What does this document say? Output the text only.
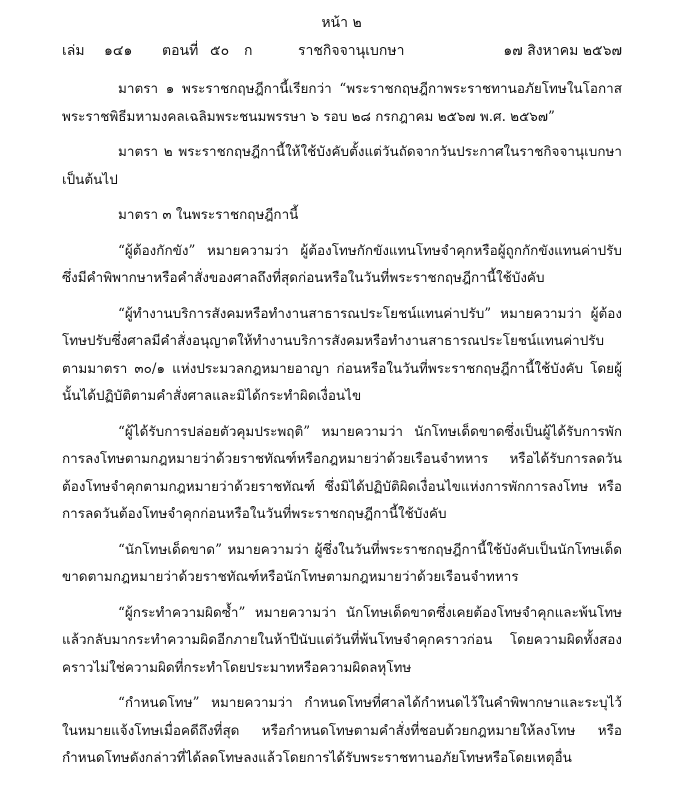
หน้า ๒
เล่ม ๑๔๑ ตอนที่ ๕๐ ก	ราชกิจจานุเบกษา	๑๗ สิงหาคม ๒๕๖๗
มาตรา ๑ พระราชกฤษฎีกานี้เรียกว่า “พระราชกฤษฎีกาพระราชทานอภัยโทษในโอกาสพระราชพิธีมหามงคลเฉลิมพระชนมพรรษา ๖ รอบ ๒๘ กรกฎาคม ๒๕๖๗ พ.ศ. ๒๕๖๗”
มาตรา ๒ พระราชกฤษฎีกานี้ให้ใช้บังคับตั้งแต่วันถัดจากวันประกาศในราชกิจจานุเบกษาเป็นต้นไป
มาตรา ๓ ในพระราชกฤษฎีกานี้
“ผู้ต้องกักขัง” หมายความว่า ผู้ต้องโทษกักขังแทนโทษจำคุกหรือผู้ถูกกักขังแทนค่าปรับซึ่งมีคำพิพากษาหรือคำสั่งของศาลถึงที่สุดก่อนหรือในวันที่พระราชกฤษฎีกานี้ใช้บังคับ
“ผู้ทำงานบริการสังคมหรือทำงานสาธารณประโยชน์แทนค่าปรับ” หมายความว่า ผู้ต้องโทษปรับซึ่งศาลมีคำสั่งอนุญาตให้ทำงานบริการสังคมหรือทำงานสาธารณประโยชน์แทนค่าปรับตามมาตรา ๓๐/๑ แห่งประมวลกฎหมายอาญา ก่อนหรือในวันที่พระราชกฤษฎีกานี้ใช้บังคับ โดยผู้นั้นได้ปฏิบัติตามคำสั่งศาลและมิได้กระทำผิดเงื่อนไข
“ผู้ได้รับการปล่อยตัวคุมประพฤติ” หมายความว่า นักโทษเด็ดขาดซึ่งเป็นผู้ได้รับการพักการลงโทษตามกฎหมายว่าด้วยราชทัณฑ์หรือกฎหมายว่าด้วยเรือนจำทหาร หรือได้รับการลดวันต้องโทษจำคุกตามกฎหมายว่าด้วยราชทัณฑ์ ซึ่งมิได้ปฏิบัติผิดเงื่อนไขแห่งการพักการลงโทษ หรือการลดวันต้องโทษจำคุกก่อนหรือในวันที่พระราชกฤษฎีกานี้ใช้บังคับ
“นักโทษเด็ดขาด” หมายความว่า ผู้ซึ่งในวันที่พระราชกฤษฎีกานี้ใช้บังคับเป็นนักโทษเด็ดขาดตามกฎหมายว่าด้วยราชทัณฑ์หรือนักโทษตามกฎหมายว่าด้วยเรือนจำทหาร
“ผู้กระทำความผิดซ้ำ” หมายความว่า นักโทษเด็ดขาดซึ่งเคยต้องโทษจำคุกและพ้นโทษแล้วกลับมากระทำความผิดอีกภายในห้าปีนับแต่วันที่พ้นโทษจำคุกคราวก่อน โดยความผิดทั้งสองคราวไม่ใช่ความผิดที่กระทำโดยประมาทหรือความผิดลหุโทษ
“กำหนดโทษ” หมายความว่า กำหนดโทษที่ศาลได้กำหนดไว้ในคำพิพากษาและระบุไว้ในหมายแจ้งโทษเมื่อคดีถึงที่สุด หรือกำหนดโทษตามคำสั่งที่ชอบด้วยกฎหมายให้ลงโทษ หรือกำหนดโทษดังกล่าวที่ได้ลดโทษลงแล้วโดยการได้รับพระราชทานอภัยโทษหรือโดยเหตุอื่น
